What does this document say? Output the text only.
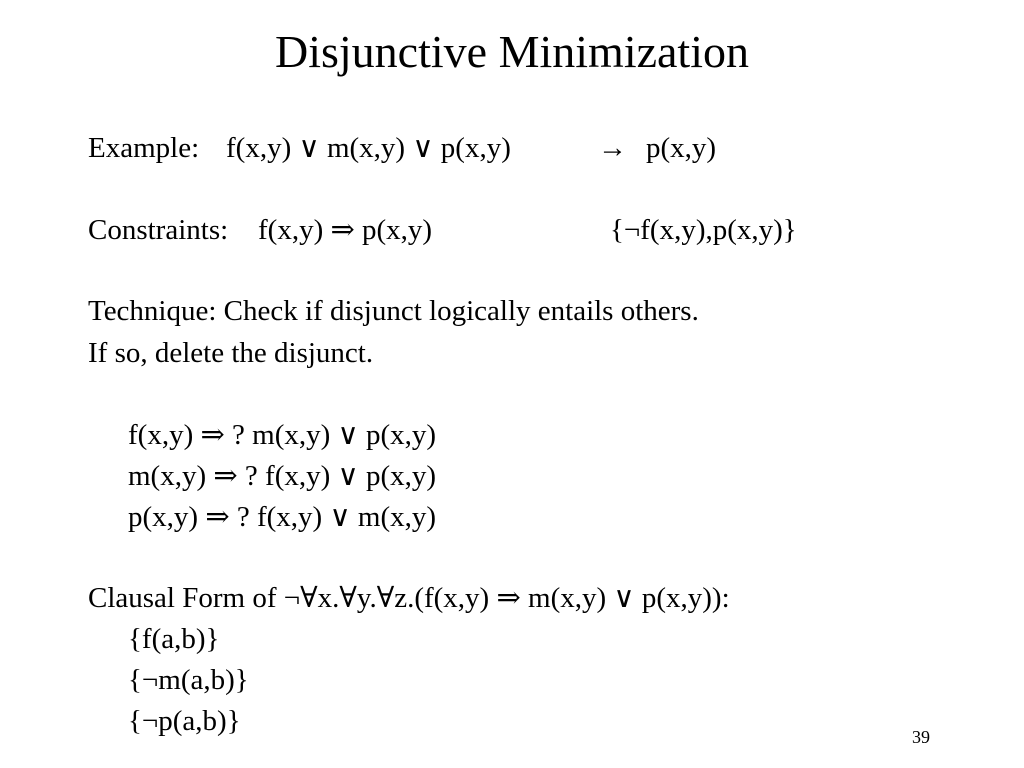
Disjunctive Minimization
Example: f(x,y) ∨ m(x,y) ∨ p(x,y)	→ p(x,y)
Constraints: f(x,y) ⇒ p(x,y)	{¬f(x,y),p(x,y)}
Technique: Check if disjunct logically entails others.
If so, delete the disjunct.
f(x,y) ⇒ ? m(x,y) ∨ p(x,y)
m(x,y) ⇒ ? f(x,y) ∨ p(x,y)
p(x,y) ⇒ ? f(x,y) ∨ m(x,y)
Clausal Form of ¬∀x.∀y.∀z.(f(x,y) ⇒ m(x,y) ∨ p(x,y)):
{f(a,b)}
{¬m(a,b)}
{¬p(a,b)}	39
